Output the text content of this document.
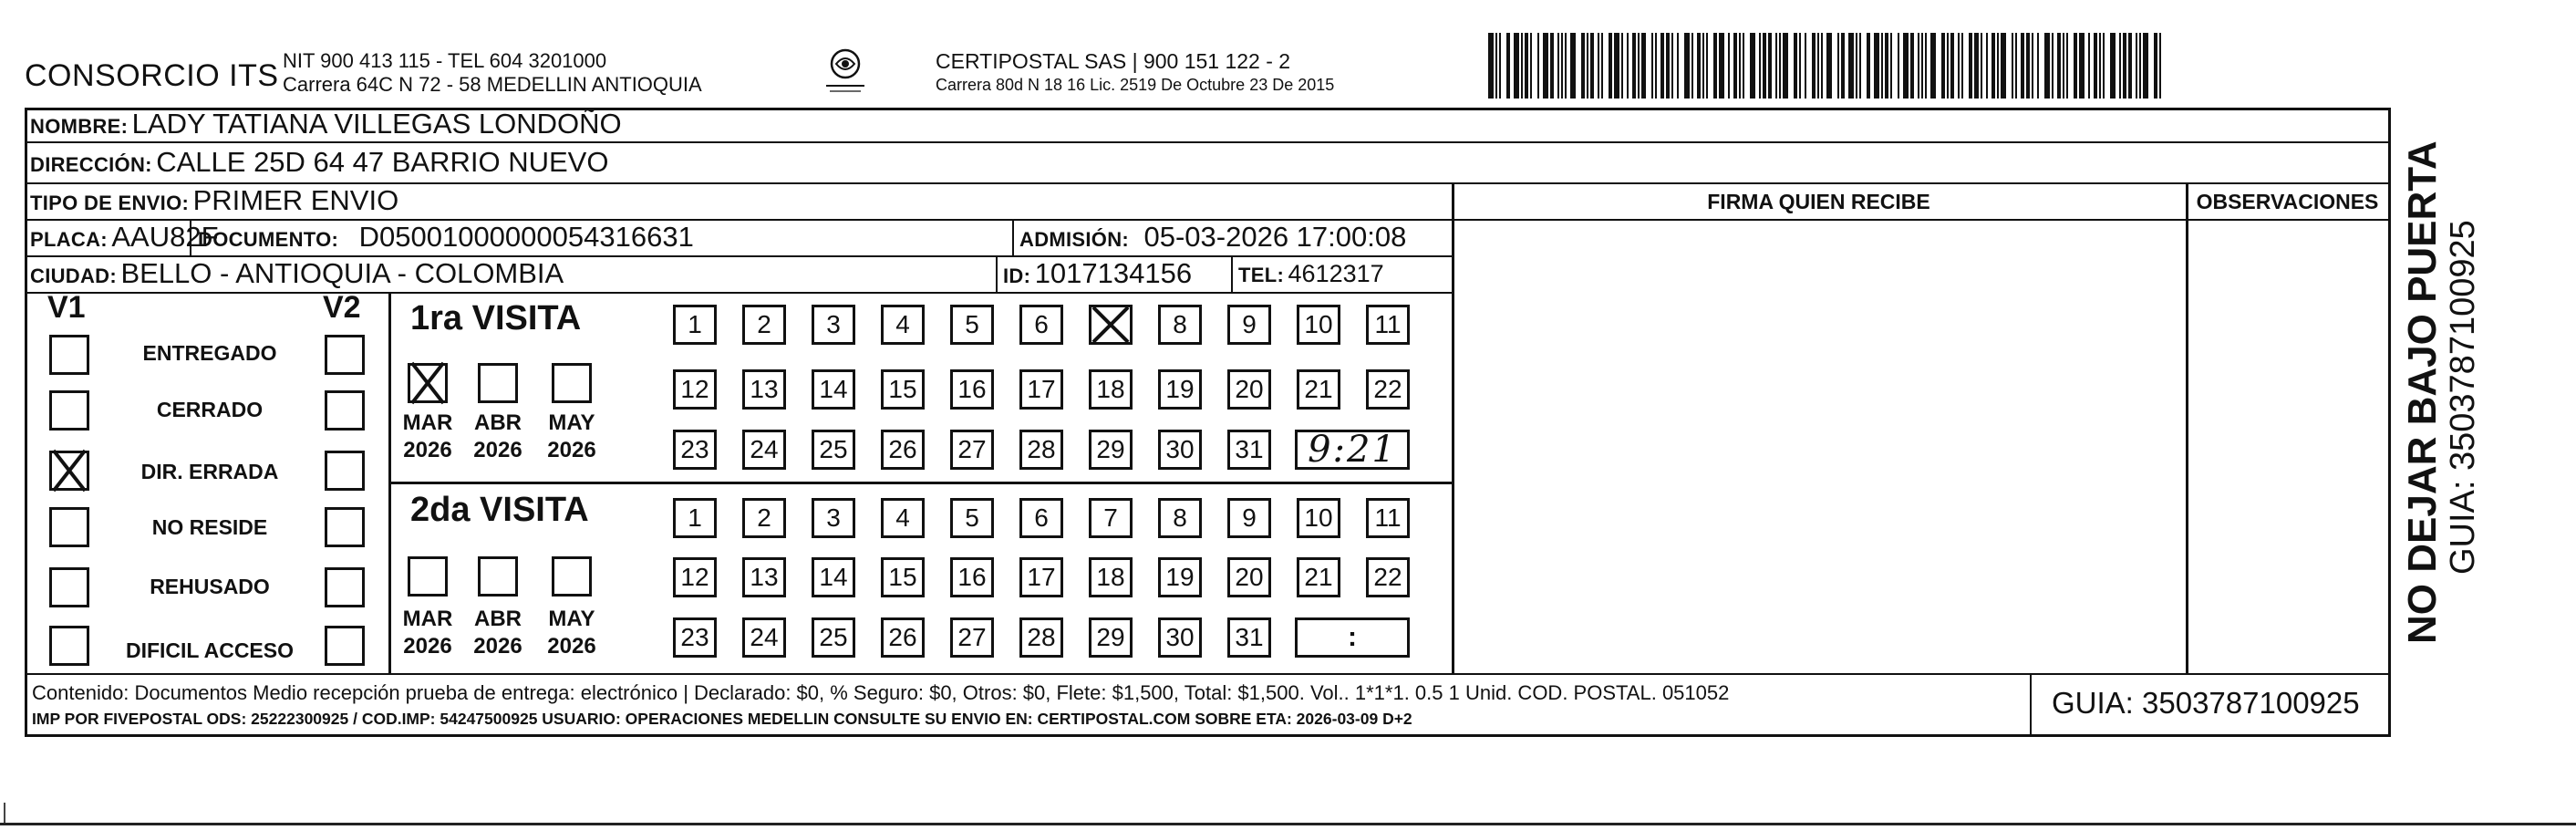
CONSORCIO ITS NIT 900 413 115 - TEL 604 3201000
Carrera 64C N 72 - 58 MEDELLIN ANTIOQUIA
CERTIPOSTAL SAS | 900 151 122 - 2
Carrera 80d N 18 16 Lic. 2519 De Octubre 23 De 2015
NOMBRE: LADY TATIANA VILLEGAS LONDOÑO
DIRECCIÓN: CALLE 25D 64 47 BARRIO NUEVO
TIPO DE ENVIO: PRIMER ENVIO
PLACA: AAU82F
DOCUMENTO: D05001000000054316631	ADMISIÓN: 05-03-2026 17:00:08
CIUDAD: BELLO - ANTIOQUIA - COLOMBIA	ID: 1017134156 TEL: 4612317
FIRMA QUIEN RECIBE	OBSERVACIONES
V1	V2
ENTREGADO
CERRADO
DIR. ERRADA
NO RESIDE
REHUSADO
DIFICIL ACCESO
1ra VISITA
MAR
2026
ABR
2026
MAY
2026
1 2 3 4 5 6	8 9 10 11
12 13 14 15 16 17 18 19 20 21 22
23 24 25 26 27 28 29 30 31 9:21
2da VISITA
MAR
2026
ABR
2026
MAY
2026
1 2 3 4 5 6 7 8 9 10 11
12 13 14 15 16 17 18 19 20 21 22
23 24 25 26 27 28 29 30 31	:
Contenido: Documentos Medio recepción prueba de entrega: electrónico | Declarado: $0, % Seguro: $0, Otros: $0, Flete: $1,500, Total: $1,500. Vol.. 1*1*1. 0.5 1 Unid. COD. POSTAL. 051052
IMP POR FIVEPOSTAL ODS: 25222300925 / COD.IMP: 54247500925 USUARIO: OPERACIONES MEDELLIN CONSULTE SU ENVIO EN: CERTIPOSTAL.COM SOBRE ETA: 2026-03-09 D+2	GUIA: 3503787100925
NO DEJAR BAJO PUERTA GUIA: 3503787100925
